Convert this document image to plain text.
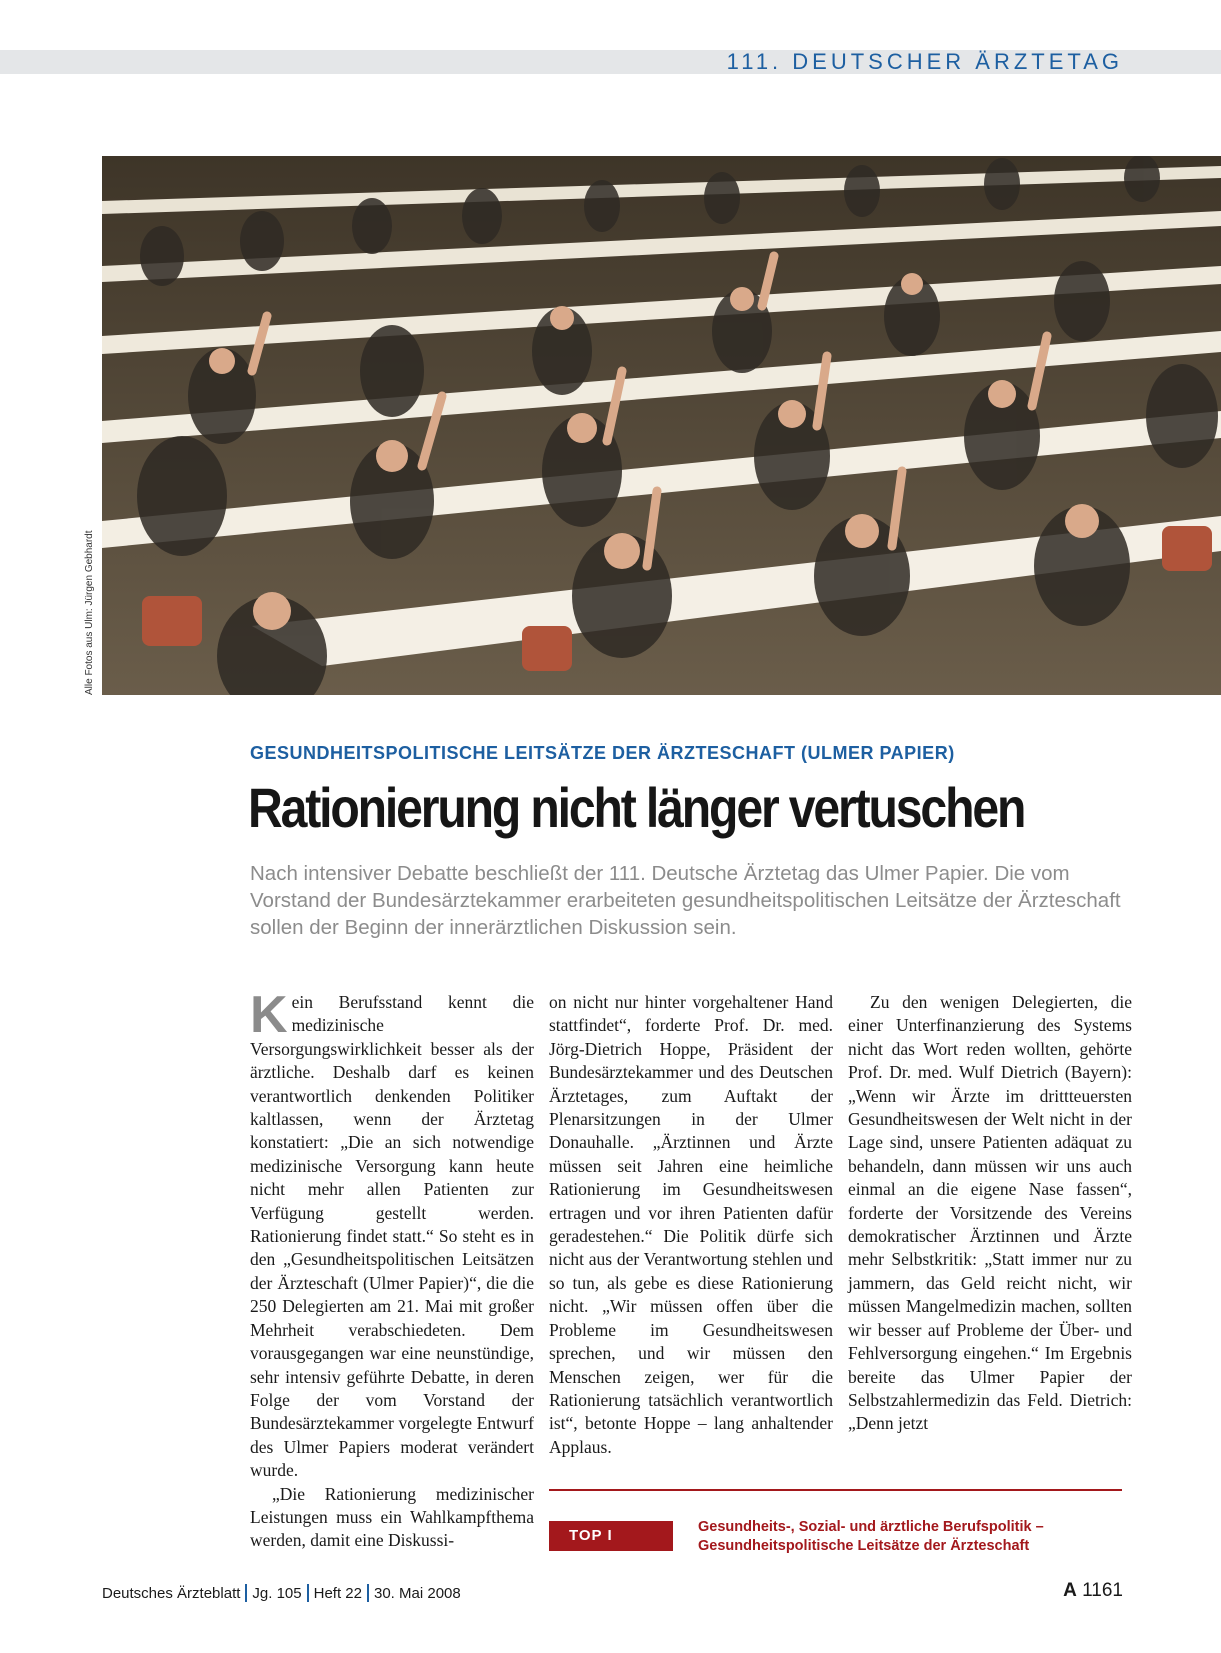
111. DEUTSCHER ÄRZTETAG
Alle Fotos aus Ulm: Jürgen Gebhardt
GESUNDHEITSPOLITISCHE LEITSÄTZE DER ÄRZTESCHAFT (ULMER PAPIER)
Rationierung nicht länger vertuschen
Nach intensiver Debatte beschließt der 111. Deutsche Ärztetag das Ulmer Papier. Die vom Vorstand der Bundesärztekammer erarbeiteten gesundheitspolitischen Leitsätze der Ärzteschaft sollen der Beginn der innerärztlichen Diskussion sein.

Kein Berufsstand kennt die medizinische Versorgungswirklichkeit besser als der ärztliche. Deshalb darf es keinen verantwortlich denkenden Politiker kaltlassen, wenn der Ärztetag konstatiert: „Die an sich notwendige medizinische Versorgung kann heute nicht mehr allen Patienten zur Verfügung gestellt werden. Rationierung findet statt.“ So steht es in den „Gesundheitspolitischen Leitsätzen der Ärzteschaft (Ulmer Papier)“, die die 250 Delegierten am 21. Mai mit großer Mehrheit verabschiedeten. Dem vorausgegangen war eine neunstündige, sehr intensiv geführte Debatte, in deren Folge der vom Vorstand der Bundesärztekammer vorgelegte Entwurf des Ulmer Papiers moderat verändert wurde.

„Die Rationierung medizinischer Leistungen muss ein Wahlkampfthema werden, damit eine Diskussi-

on nicht nur hinter vorgehaltener Hand stattfindet“, forderte Prof. Dr. med. Jörg-Dietrich Hoppe, Präsident der Bundesärztekammer und des Deutschen Ärztetages, zum Auftakt der Plenarsitzungen in der Ulmer Donauhalle. „Ärztinnen und Ärzte müssen seit Jahren eine heimliche Rationierung im Gesundheitswesen ertragen und vor ihren Patienten dafür geradestehen.“ Die Politik dürfe sich nicht aus der Verantwortung stehlen und so tun, als gebe es diese Rationierung nicht. „Wir müssen offen über die Probleme im Gesundheitswesen sprechen, und wir müssen den Menschen zeigen, wer für die Rationierung tatsächlich verantwortlich ist“, betonte Hoppe – lang anhaltender Applaus.

Zu den wenigen Delegierten, die einer Unterfinanzierung des Systems nicht das Wort reden wollten, gehörte Prof. Dr. med. Wulf Dietrich (Bayern): „Wenn wir Ärzte im drittteuersten Gesundheitswesen der Welt nicht in der Lage sind, unsere Patienten adäquat zu behandeln, dann müssen wir uns auch einmal an die eigene Nase fassen“, forderte der Vorsitzende des Vereins demokratischer Ärztinnen und Ärzte mehr Selbstkritik: „Statt immer nur zu jammern, das Geld reicht nicht, wir müssen Mangelmedizin machen, sollten wir besser auf Probleme der Über- und Fehlversorgung eingehen.“ Im Ergebnis bereite das Ulmer Papier der Selbstzahlermedizin das Feld. Dietrich: „Denn jetzt

TOP I	Gesundheits-, Sozial- und ärztliche Berufspolitik –
Gesundheitspolitische Leitsätze der Ärzteschaft
Deutsches Ärzteblatt Jg. 105 Heft 22 30. Mai 2008	A 1161
